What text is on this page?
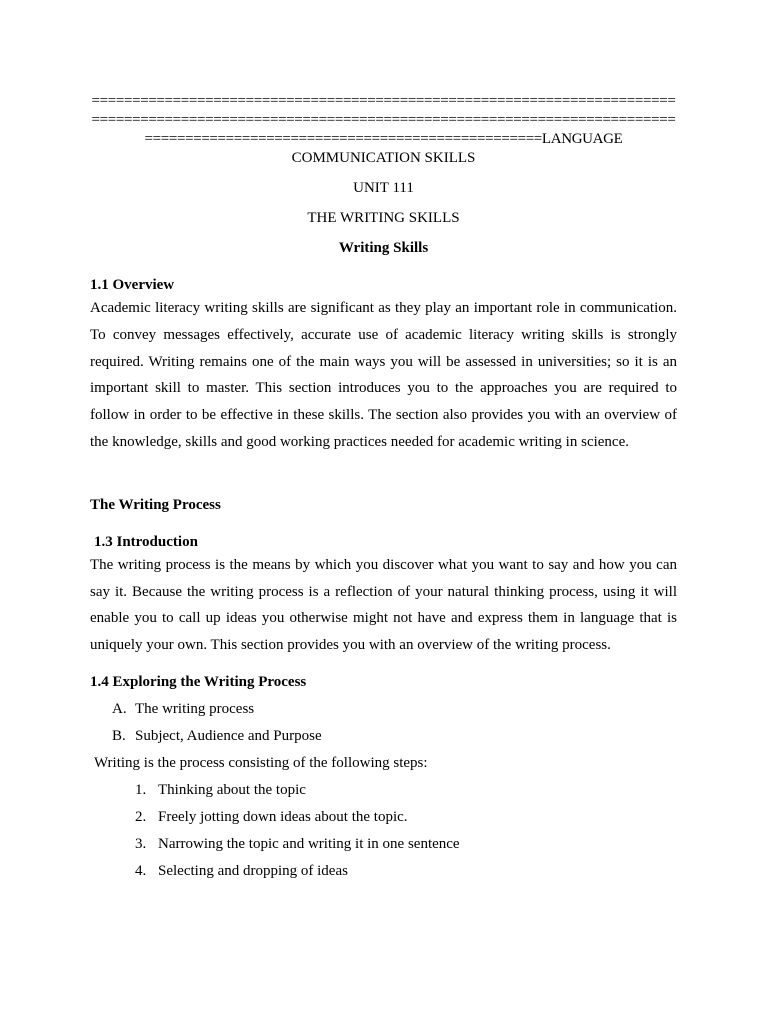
========================================================================
========================================================================
=================================================LANGUAGE
COMMUNICATION SKILLS
UNIT 111
THE WRITING SKILLS
Writing Skills
1.1 Overview

Academic literacy writing skills are significant as they play an important role in communication. To convey messages effectively, accurate use of academic literacy writing skills is strongly required. Writing remains one of the main ways you will be assessed in universities; so it is an important skill to master. This section introduces you to the approaches you are required to follow in order to be effective in these skills. The section also provides you with an overview of the knowledge, skills and good working practices needed for academic writing in science.

The Writing Process
1.3 Introduction

The writing process is the means by which you discover what you want to say and how you can say it. Because the writing process is a reflection of your natural thinking process, using it will enable you to call up ideas you otherwise might not have and express them in language that is uniquely your own. This section provides you with an overview of the writing process.

1.4 Exploring the Writing Process
A. The writing process
B. Subject, Audience and Purpose
Writing is the process consisting of the following steps:
1. Thinking about the topic
2. Freely jotting down ideas about the topic.
3. Narrowing the topic and writing it in one sentence
4. Selecting and dropping of ideas
